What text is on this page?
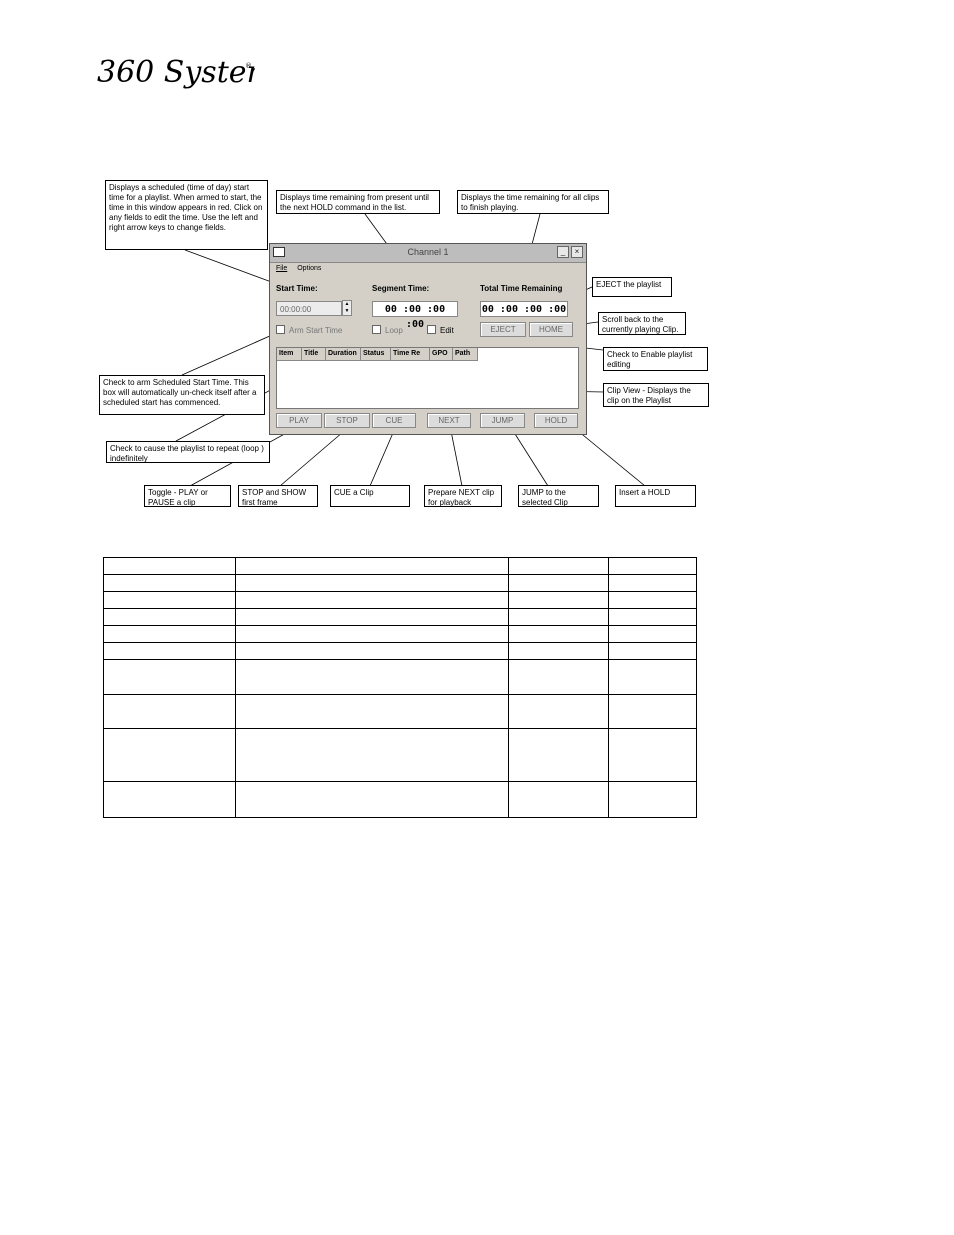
360 Syste
®
Channel 1	_	×
File Options
Start Time:	Segment Time:	Total Time Remaining
00:00:00
▲
▼	00 :00 :00 :00
00 :00 :00 :00
Arm Start Time	Loop	Edit	EJECT	HOME
Item	Title	Duration Status	Time Re	GPO	Path
PLAY	STOP	CUE	NEXT	JUMP	HOLD
Displays a scheduled (time of day) start time for a playlist. When armed to start, the time in this window appears in red. Click on any fields to edit the time. Use the left and right arrow keys to change fields.
Displays time remaining from present until the next HOLD command in the list.
Displays the time remaining for all clips to finish playing.
EJECT the playlist
Scroll back to the currently playing Clip.
Check to Enable playlist editing
Clip View - Displays the clip on the Playlist
Check to arm Scheduled Start Time. This box will automatically un-check itself after a scheduled start has commenced.
Check to cause the playlist to repeat (loop ) indefinitely
Toggle - PLAY or PAUSE a clip
STOP and SHOW first frame
CUE a Clip	Prepare NEXT clip for playback
JUMP to the selected Clip
Insert a HOLD
